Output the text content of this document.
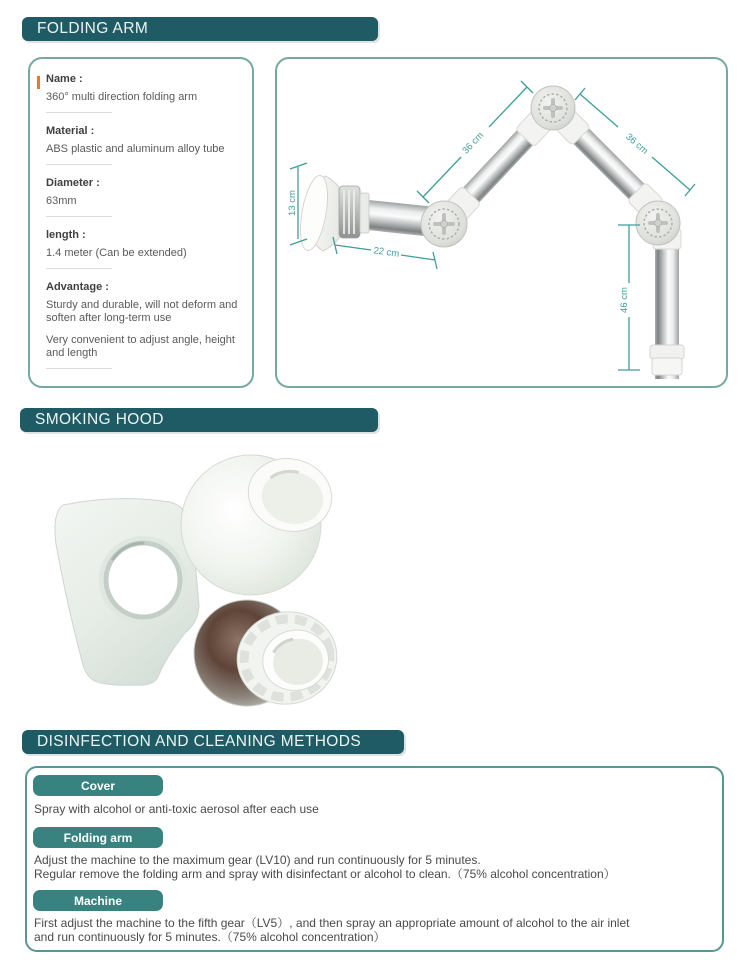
FOLDING ARM
Name :
360° multi direction folding arm
Material :
ABS plastic and aluminum alloy tube
Diameter :
63mm
length :
1.4 meter (Can be extended)
Advantage :
Sturdy and durable, will not deform and soften after long-term use
Very convenient to adjust angle, height and length
13 cm
22 cm
36 cm	36 cm
46 cm
SMOKING HOOD
DISINFECTION AND CLEANING METHODS
Cover
Spray with alcohol or anti-toxic aerosol after each use
Folding arm
Adjust the machine to the maximum gear (LV10) and run continuously for 5 minutes.
Regular remove the folding arm and spray with disinfectant or alcohol to clean.（75% alcohol concentration）
Machine
First adjust the machine to the fifth gear（LV5）, and then spray an appropriate amount of alcohol to the air inlet
and run continuously for 5 minutes.（75% alcohol concentration）
